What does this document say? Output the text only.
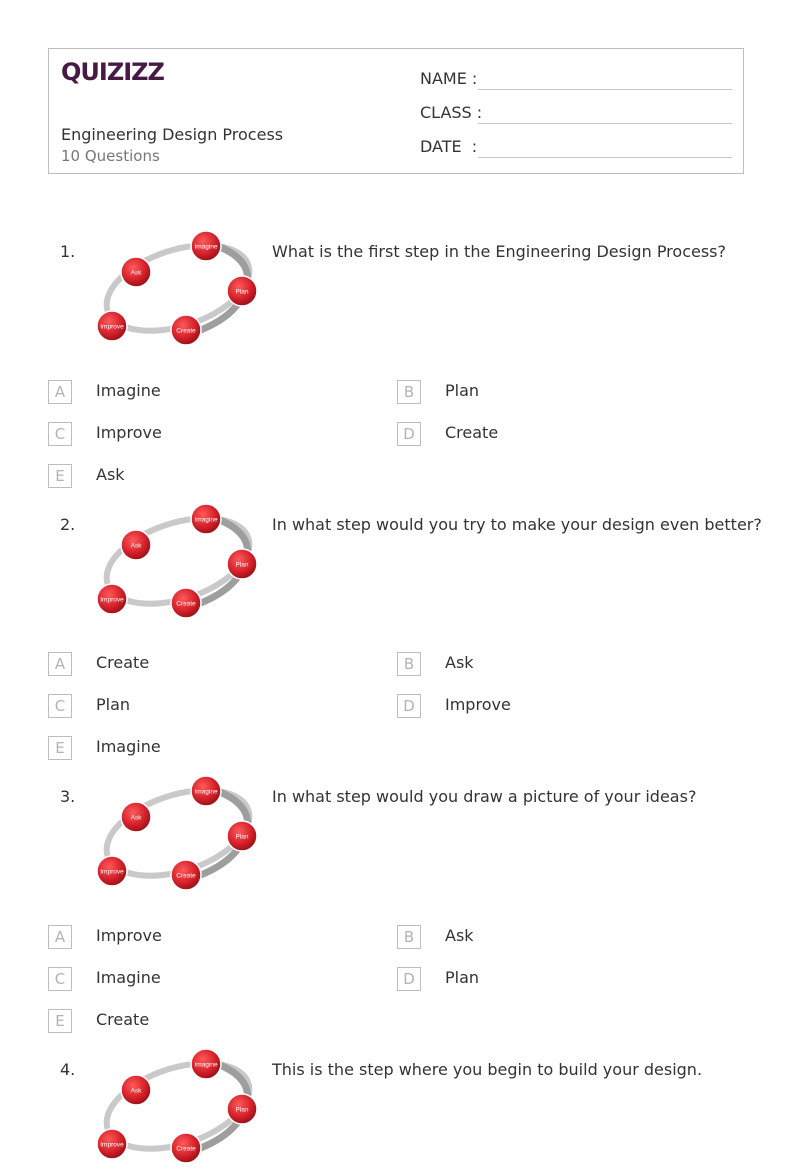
QUIZIZZ
Engineering Design Process
10 Questions
NAME :
CLASS :
DATE  :
1.	Imagine
Ask
Plan
Improve
Create
What is the first step in the Engineering Design Process?
A	Imagine	B	Plan
C	Improve	D	Create
E	Ask
2.	Imagine
Ask
Plan
Improve
Create
In what step would you try to make your design even better?
A	Create	B	Ask
C	Plan	D	Improve
E	Imagine
3.	Imagine
Ask
Plan
Improve
Create
In what step would you draw a picture of your ideas?
A	Improve	B	Ask
C	Imagine	D	Plan
E	Create
4.	Imagine
Ask
Plan
Improve
Create
This is the step where you begin to build your design.
